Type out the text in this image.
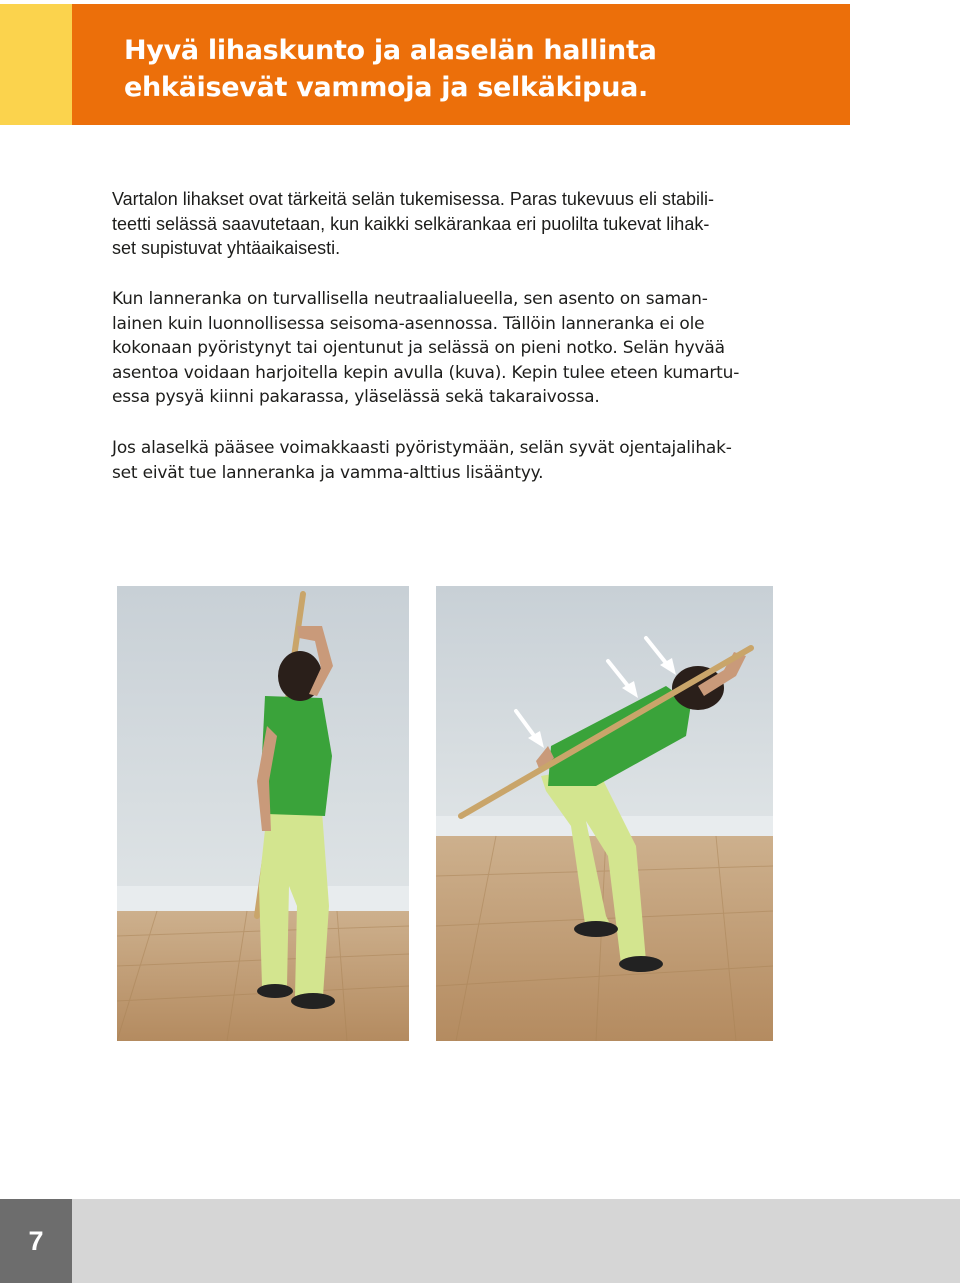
Hyvä lihaskunto ja alaselän hallinta
ehkäisevät vammoja ja selkäkipua.
Vartalon lihakset ovat tärkeitä selän tukemisessa. Paras tukevuus eli stabili-
teetti selässä saavutetaan, kun kaikki selkärankaa eri puolilta tukevat lihak-
set supistuvat yhtäaikaisesti.
Kun lanneranka on turvallisella neutraalialueella, sen asento on saman-
lainen kuin luonnollisessa seisoma-asennossa. Tällöin lanneranka ei ole
kokonaan pyöristynyt tai ojentunut ja selässä on pieni notko. Selän hyvää
asentoa voidaan harjoitella kepin avulla (kuva). Kepin tulee eteen kumartu-
essa pysyä kiinni pakarassa, yläselässä sekä takaraivossa.
Jos alaselkä pääsee voimakkaasti pyöristymään, selän syvät ojentajalihak-
set eivät tue lanneranka ja vamma-alttius lisääntyy.
7
